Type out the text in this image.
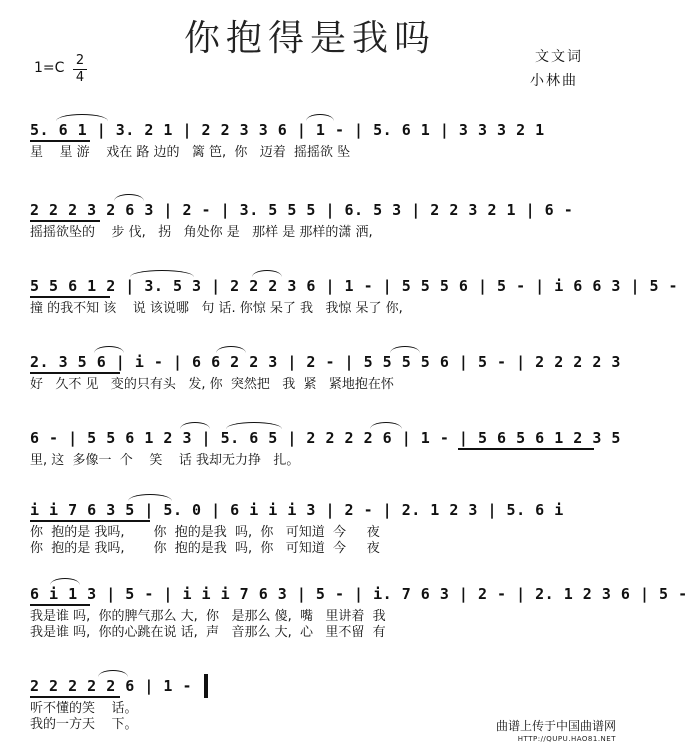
你抱得是我吗
1=C 2
4
文文词
小林曲
5. 6 1 | 3. 2 1 | 2 2 3 3 6 | 1 - | 5. 6 1 | 3 3 3 2 1
星    星 游    戏在 路 边的   篱 笆,  你   迈着  摇摇欲 坠
2 2 2 3 2 6 3 | 2 - | 3. 5 5 5 | 6. 5 3 | 2 2 3 2 1 | 6 -
摇摇欲坠的    步 伐,   拐   角处你 是   那样 是 那样的潇 洒,
5 5 6 1 2 | 3. 5 3 | 2 2 2 3 6 | 1 - | 5 5 5 6 | 5 - | i 6 6 3 | 5 -
撞 的我不知 该    说 该说哪   句 话. 你惊 呆了 我   我惊 呆了 你,
2. 3 5 6 | i - | 6 6 2 2 3 | 2 - | 5 5 5 5 6 | 5 - | 2 2 2 2 3
好   久不 见   变的只有头   发, 你  突然把   我  紧   紧地抱在怀
6 - | 5 5 6 1 2 3 | 5. 6 5 | 2 2 2 2 6 | 1 - | 5 6 5 6 1 2 3 5
里, 这  多像一  个    笑    话 我却无力挣   扎。
i i 7 6 3 5 | 5. 0 | 6 i i i 3 | 2 - | 2. 1 2 3 | 5. 6 i
你  抱的是 我吗,       你  抱的是我  吗,  你   可知道  今     夜
你  抱的是 我吗,       你  抱的是我  吗,  你   可知道  今     夜
6 i 1 3 | 5 - | i i i 7 6 3 | 5 - | i. 7 6 3 | 2 - | 2. 1 2 3 6 | 5 -
我是谁 吗,  你的脾气那么 大,  你   是那么 傻,  嘴   里讲着  我
我是谁 吗,  你的心跳在说 话,  声   音那么 大,  心   里不留  有
2 2 2 2 2 6 | 1 -
听不懂的笑    话。
我的一方天    下。	曲谱上传于中国曲谱网
HTTP://QUPU.HAO81.NET
